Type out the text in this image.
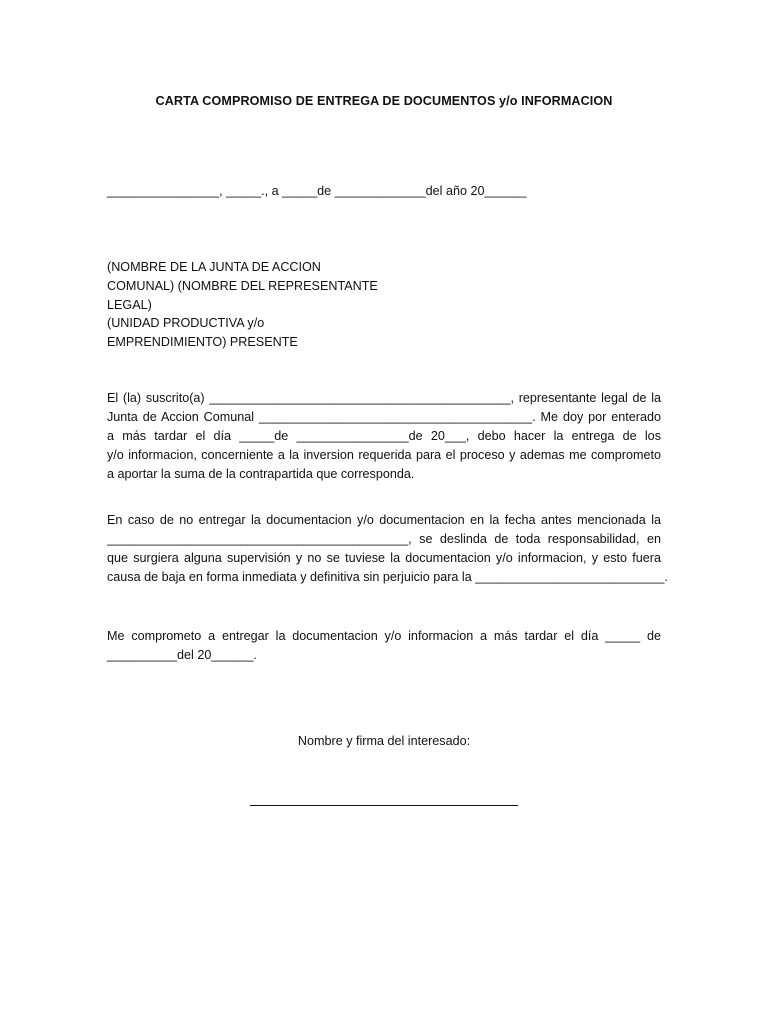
CARTA COMPROMISO DE ENTREGA DE DOCUMENTOS y/o INFORMACION
________________, _____., a _____de _____________del año 20______
(NOMBRE DE LA JUNTA DE ACCION
COMUNAL) (NOMBRE DEL REPRESENTANTE
LEGAL)
(UNIDAD PRODUCTIVA y/o
EMPRENDIMIENTO) PRESENTE
El (la) suscrito(a) ___________________________________________, representante legal de la
Junta de Accion Comunal _______________________________________. Me doy por enterado
a más tardar el día _____de ________________de 20___, debo hacer la entrega de los
y/o informacion, concerniente a la inversion requerida para el proceso y ademas me comprometo
a aportar la suma de la contrapartida que corresponda.
En caso de no entregar la documentacion y/o documentacion en la fecha antes mencionada la
___________________________________________, se deslinda de toda responsabilidad, en
que surgiera alguna supervisión y no se tuviese la documentacion y/o informacion, y esto fuera
causa de baja en forma inmediata y definitiva sin perjuicio para la ___________________________.
Me comprometo a entregar la documentacion y/o informacion a más tardar el día _____ de
__________del 20______.
Nombre y firma del interesado:
